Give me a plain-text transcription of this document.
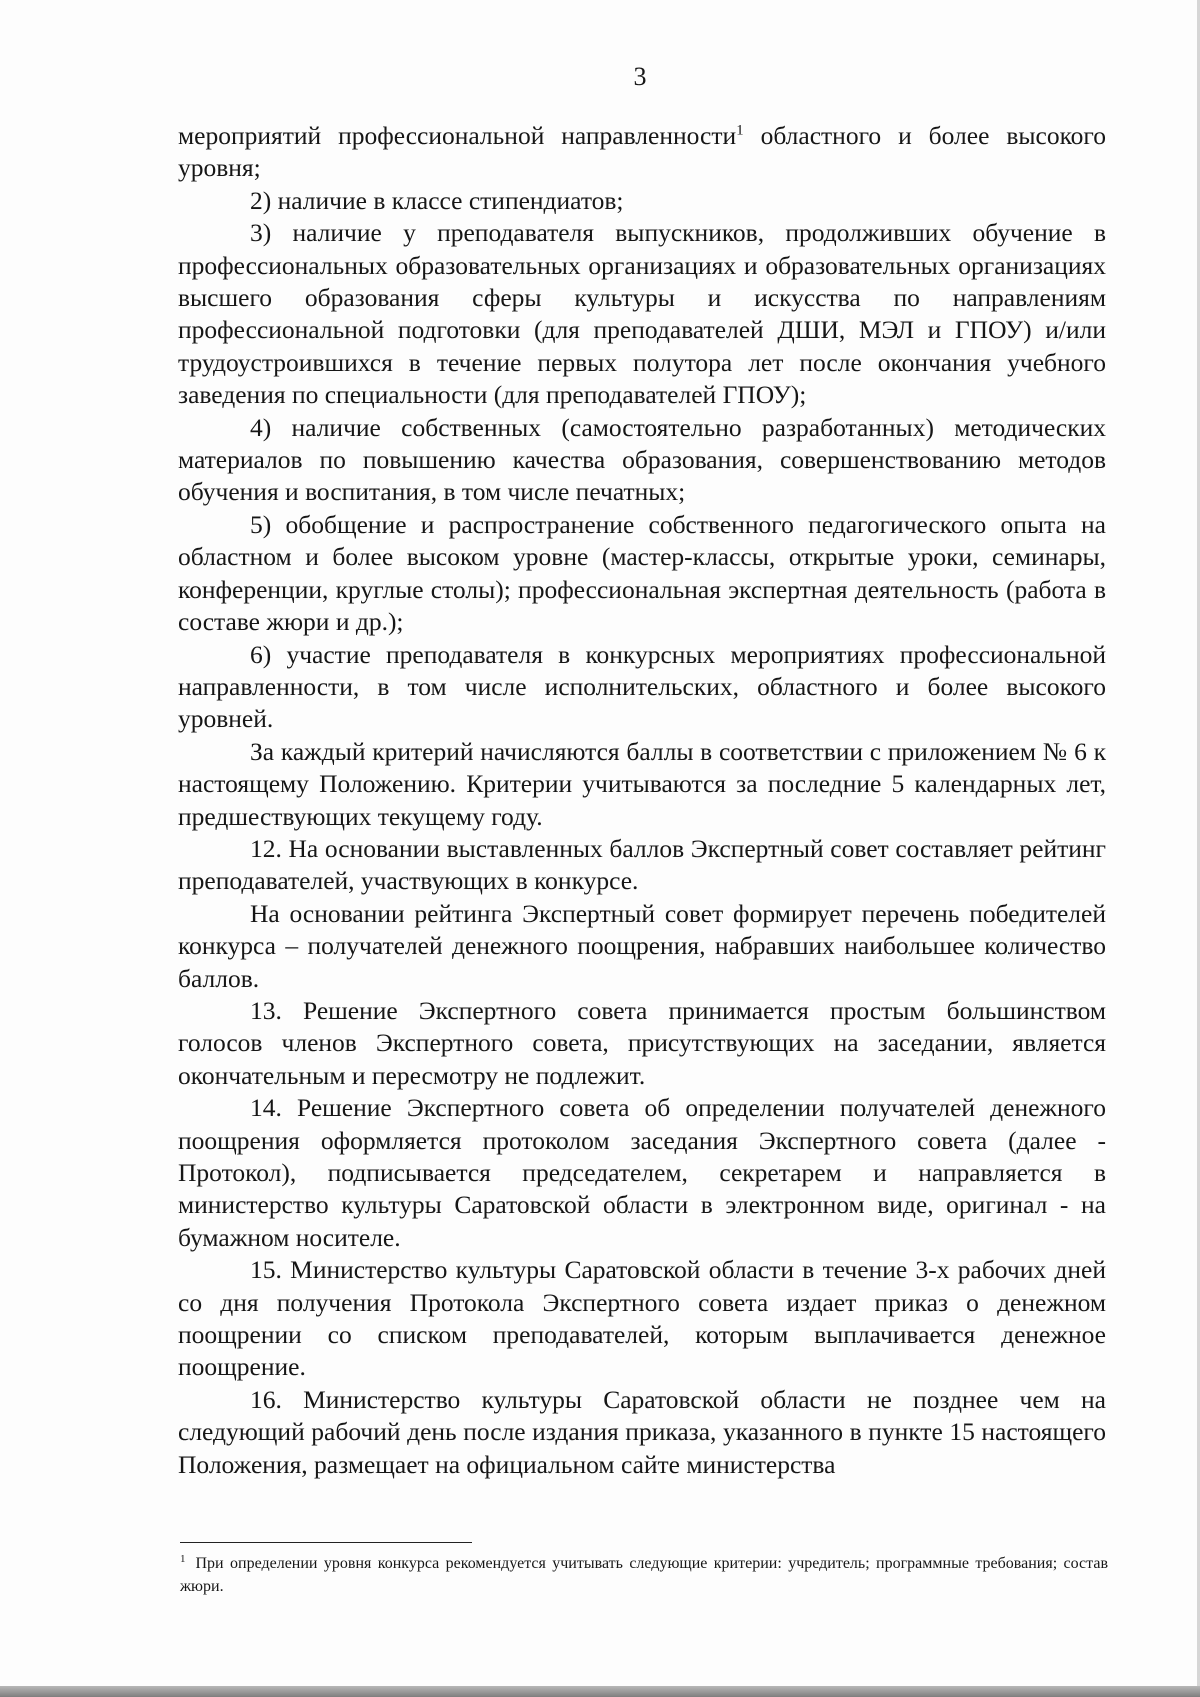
3

мероприятий профессиональной направленности$^1$ областного и более высокого уровня;

2) наличие в классе стипендиатов;

3) наличие у преподавателя выпускников, продолживших обучение в профессиональных образовательных организациях и образовательных организациях высшего образования сферы культуры и искусства по направлениям профессиональной подготовки (для преподавателей ДШИ, МЭЛ и ГПОУ) и/или трудоустроившихся в течение первых полутора лет после окончания учебного заведения по специальности (для преподавателей ГПОУ);

4) наличие собственных (самостоятельно разработанных) методических материалов по повышению качества образования, совершенствованию методов обучения и воспитания, в том числе печатных;

5) обобщение и распространение собственного педагогического опыта на областном и более высоком уровне (мастер-классы, открытые уроки, семинары, конференции, круглые столы); профессиональная экспертная деятельность (работа в составе жюри и др.);

6) участие преподавателя в конкурсных мероприятиях профессиональной направленности, в том числе исполнительских, областного и более высокого уровней.

За каждый критерий начисляются баллы в соответствии с приложением № 6 к настоящему Положению. Критерии учитываются за последние 5 календарных лет, предшествующих текущему году.

12. На основании выставленных баллов Экспертный совет составляет рейтинг преподавателей, участвующих в конкурсе.

На основании рейтинга Экспертный совет формирует перечень победителей конкурса – получателей денежного поощрения, набравших наибольшее количество баллов.

13. Решение Экспертного совета принимается простым большинством голосов членов Экспертного совета, присутствующих на заседании, является окончательным и пересмотру не подлежит.

14. Решение Экспертного совета об определении получателей денежного поощрения оформляется протоколом заседания Экспертного совета (далее - Протокол), подписывается председателем, секретарем и направляется в министерство культуры Саратовской области в электронном виде, оригинал - на бумажном носителе.

15. Министерство культуры Саратовской области в течение 3-х рабочих дней со дня получения Протокола Экспертного совета издает приказ о денежном поощрении со списком преподавателей, которым выплачивается денежное поощрение.

16. Министерство культуры Саратовской области не позднее чем на следующий рабочий день после издания приказа, указанного в пункте 15 настоящего Положения, размещает на официальном сайте министерства

$^1$ При определении уровня конкурса рекомендуется учитывать следующие критерии: учредитель; программные требования; состав жюри.
